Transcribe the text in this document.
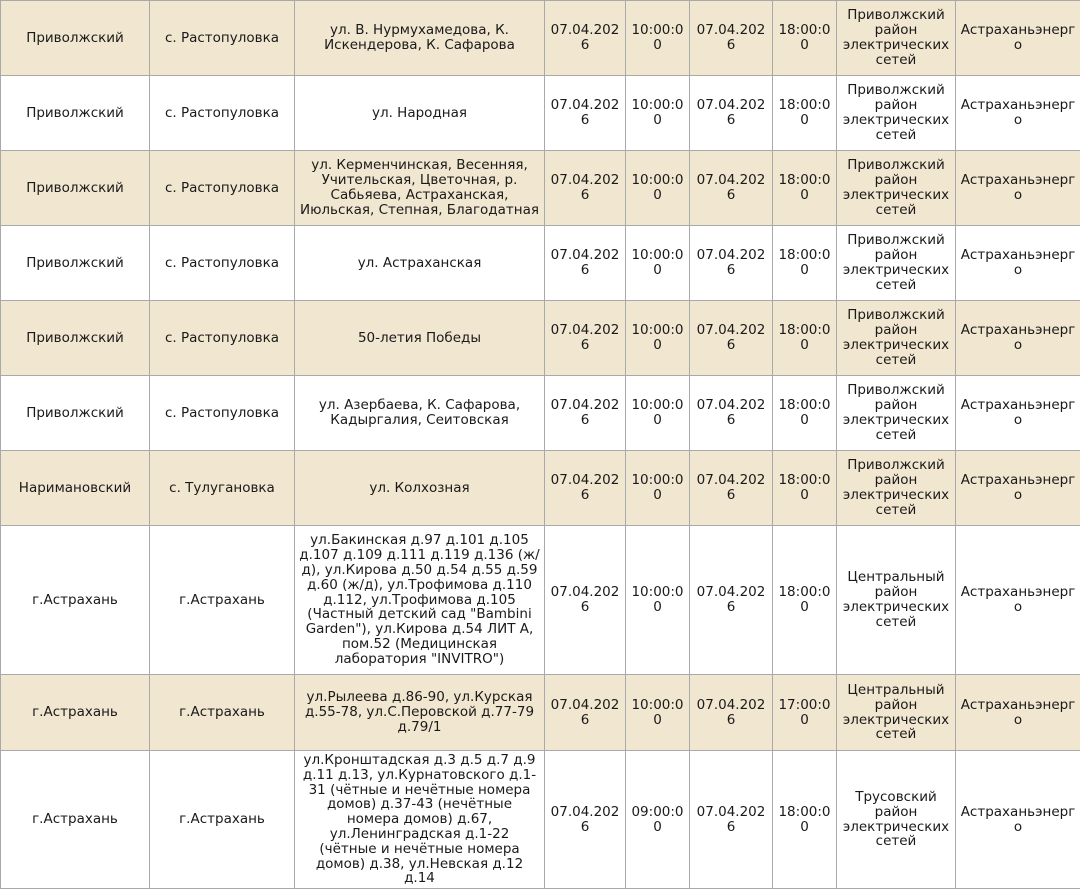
Приволжский	с. Растопуловка	ул. В. Нурмухамедова, К. Искендерова, К. Сафарова	07.04.2026	10:00:00	07.04.2026	18:00:00	Приволжский район электрических сетей	Астраханьэнерго
Приволжский	с. Растопуловка	ул. Народная	07.04.2026	10:00:00	07.04.2026	18:00:00	Приволжский район электрических сетей	Астраханьэнерго
Приволжский	с. Растопуловка	ул. Керменчинская, Весенняя, Учительская, Цветочная, р. Сабьяева, Астраханская, Июльская, Степная, Благодатная	07.04.2026	10:00:00	07.04.2026	18:00:00	Приволжский район электрических сетей	Астраханьэнерго
Приволжский	с. Растопуловка	ул. Астраханская	07.04.2026	10:00:00	07.04.2026	18:00:00	Приволжский район электрических сетей	Астраханьэнерго
Приволжский	с. Растопуловка	50-летия Победы	07.04.2026	10:00:00	07.04.2026	18:00:00	Приволжский район электрических сетей	Астраханьэнерго
Приволжский	с. Растопуловка	ул. Азербаева, К. Сафарова, Кадыргалия, Сеитовская	07.04.2026	10:00:00	07.04.2026	18:00:00	Приволжский район электрических сетей	Астраханьэнерго
Наримановский	с. Тулугановка	ул. Колхозная	07.04.2026	10:00:00	07.04.2026	18:00:00	Приволжский район электрических сетей	Астраханьэнерго
г.Астрахань	г.Астрахань	ул.Бакинская д.97 д.101 д.105 д.107 д.109 д.111 д.119 д.136 (ж/д), ул.Кирова д.50 д.54 д.55 д.59 д.60 (ж/д), ул.Трофимова д.110 д.112, ул.Трофимова д.105 (Частный детский сад "Bambini Garden"), ул.Кирова д.54 ЛИТ А, пом.52 (Медицинская лаборатория "INVITRO")	07.04.2026	10:00:00	07.04.2026	18:00:00	Центральный район электрических сетей	Астраханьэнерго
г.Астрахань	г.Астрахань	ул.Рылеева д.86-90, ул.Курская д.55-78, ул.С.Перовской д.77-79 д.79/1	07.04.2026	10:00:00	07.04.2026	17:00:00	Центральный район электрических сетей	Астраханьэнерго
г.Астрахань	г.Астрахань	ул.Кронштадская д.3 д.5 д.7 д.9 д.11 д.13, ул.Курнатовского д.1-31 (чётные и нечётные номера домов) д.37-43 (нечётные номера домов) д.67, ул.Ленинградская д.1-22 (чётные и нечётные номера домов) д.38, ул.Невская д.12 д.14	07.04.2026	09:00:00	07.04.2026	18:00:00	Трусовский район электрических сетей	Астраханьэнерго
